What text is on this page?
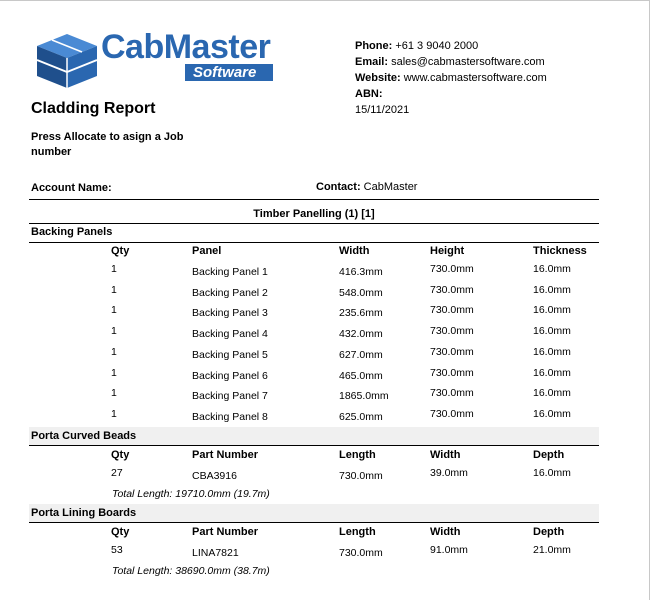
CabMaster
Software
Cladding Report
Press Allocate to asign a Job number
Phone: +61 3 9040 2000
Email: sales@cabmastersoftware.com
Website: www.cabmastersoftware.com
ABN:
15/11/2021
Account Name:	Contact: CabMaster
Timber Panelling (1) [1]
Backing Panels
Qty	Panel	Width	Height	Thickness
1	Backing Panel 1	416.3mm	730.0mm	16.0mm
1	Backing Panel 2	548.0mm	730.0mm	16.0mm
1	Backing Panel 3	235.6mm	730.0mm	16.0mm
1	Backing Panel 4	432.0mm	730.0mm	16.0mm
1	Backing Panel 5	627.0mm	730.0mm	16.0mm
1	Backing Panel 6	465.0mm	730.0mm	16.0mm
1	Backing Panel 7	1865.0mm	730.0mm	16.0mm
1	Backing Panel 8	625.0mm	730.0mm	16.0mm
Porta Curved Beads
Qty	Part Number	Length	Width	Depth
27	CBA3916	730.0mm	39.0mm	16.0mm
Total Length: 19710.0mm (19.7m)
Porta Lining Boards
Qty	Part Number	Length	Width	Depth
53	LINA7821	730.0mm	91.0mm	21.0mm
Total Length: 38690.0mm (38.7m)
